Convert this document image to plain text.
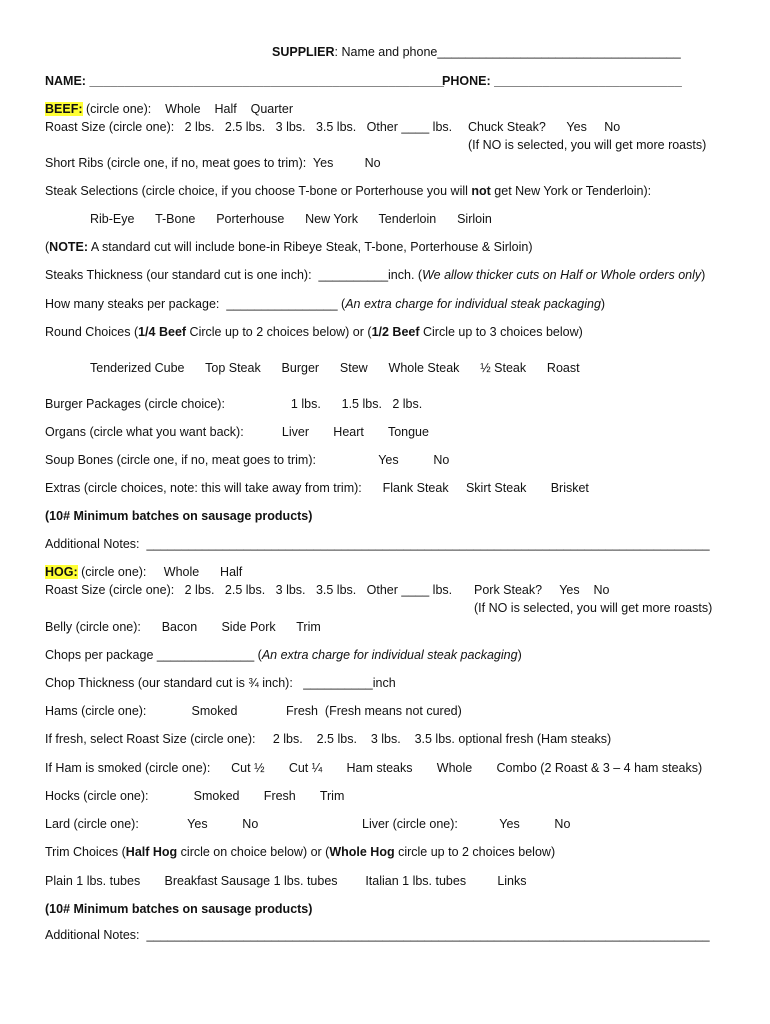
SUPPLIER: Name and phone___________________________________
NAME: ___________________________________________________
PHONE: ___________________________
BEEF: (circle one):    Whole    Half    Quarter
Roast Size (circle one):   2 lbs.   2.5 lbs.   3 lbs.   3.5 lbs.   Other ____ lbs. Chuck Steak?      Yes     No
(If NO is selected, you will get more roasts)
Short Ribs (circle one, if no, meat goes to trim):  Yes         No
Steak Selections (circle choice, if you choose T-bone or Porterhouse you will not get New York or Tenderloin):
Rib-Eye      T-Bone      Porterhouse      New York      Tenderloin      Sirloin
(NOTE: A standard cut will include bone-in Ribeye Steak, T-bone, Porterhouse & Sirloin)
Steaks Thickness (our standard cut is one inch):  __________inch. (We allow thicker cuts on Half or Whole orders only)
How many steaks per package:  ________________ (An extra charge for individual steak packaging)
Round Choices (1/4 Beef Circle up to 2 choices below) or (1/2 Beef Circle up to 3 choices below)
Tenderized Cube      Top Steak      Burger      Stew      Whole Steak      ½ Steak      Roast
Burger Packages (circle choice):                   1 lbs.      1.5 lbs.   2 lbs.
Organs (circle what you want back):           Liver       Heart       Tongue
Soup Bones (circle one, if no, meat goes to trim):                  Yes          No
Extras (circle choices, note: this will take away from trim):      Flank Steak     Skirt Steak       Brisket
(10# Minimum batches on sausage products)
Additional Notes:  _________________________________________________________________________________
HOG: (circle one):     Whole      Half
Roast Size (circle one):   2 lbs.   2.5 lbs.   3 lbs.   3.5 lbs.   Other ____ lbs. Pork Steak?     Yes    No
(If NO is selected, you will get more roasts)
Belly (circle one):      Bacon       Side Pork      Trim
Chops per package ______________ (An extra charge for individual steak packaging)
Chop Thickness (our standard cut is ¾ inch):   __________inch
Hams (circle one):             Smoked              Fresh  (Fresh means not cured)
If fresh, select Roast Size (circle one):     2 lbs.    2.5 lbs.    3 lbs.    3.5 lbs. optional fresh (Ham steaks)
If Ham is smoked (circle one):      Cut ½       Cut ¼       Ham steaks       Whole       Combo (2 Roast & 3 – 4 ham steaks)
Hocks (circle one):             Smoked       Fresh       Trim
Lard (circle one):              Yes          No	Liver (circle one):            Yes          No
Trim Choices (Half Hog circle on choice below) or (Whole Hog circle up to 2 choices below)
Plain 1 lbs. tubes       Breakfast Sausage 1 lbs. tubes        Italian 1 lbs. tubes         Links
(10# Minimum batches on sausage products)
Additional Notes:  _________________________________________________________________________________
